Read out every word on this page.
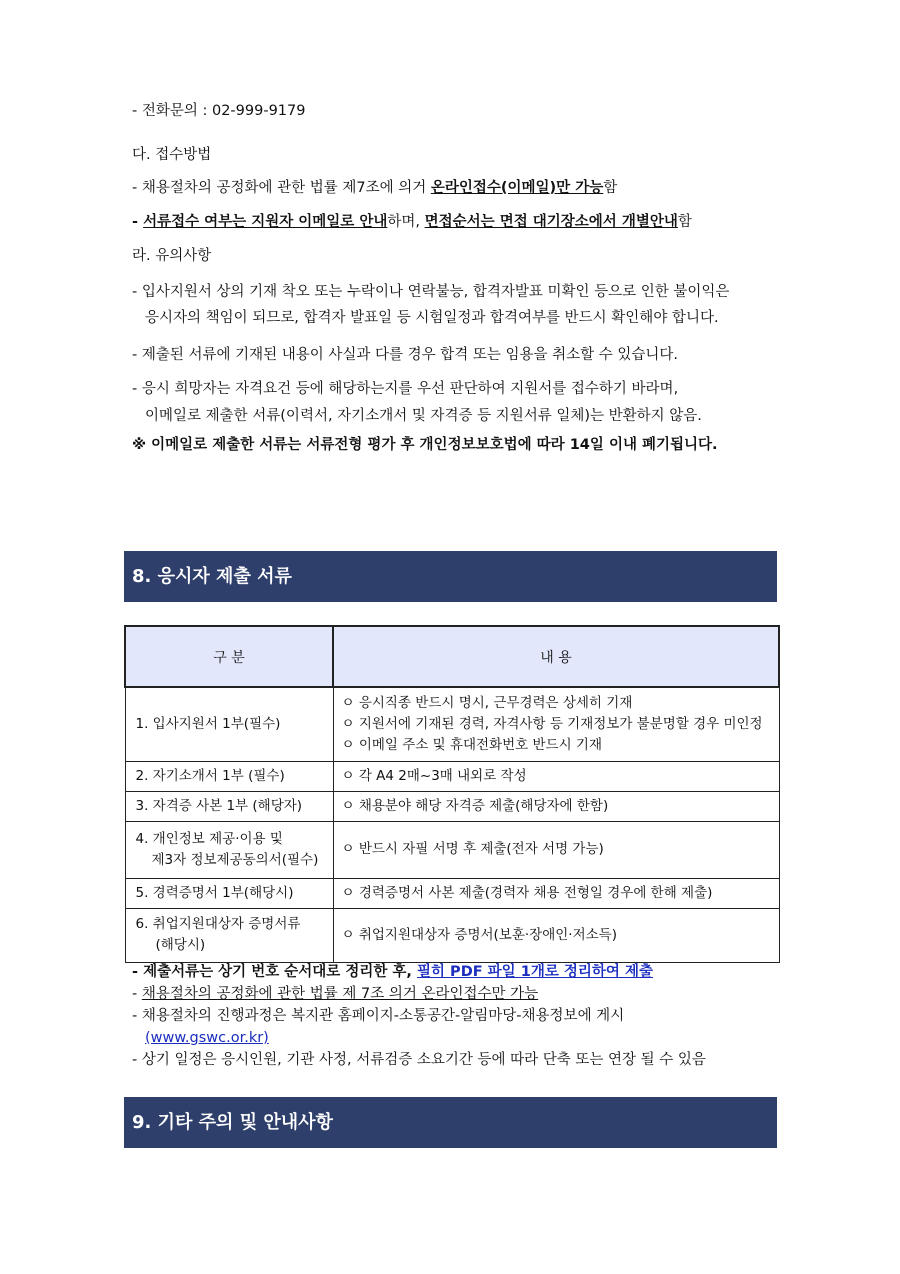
- 전화문의 : 02-999-9179
다. 접수방법
- 채용절차의 공정화에 관한 법률 제7조에 의거 온라인접수(이메일)만 가능함
- 서류접수 여부는 지원자 이메일로 안내하며, 면접순서는 면접 대기장소에서 개별안내함
라. 유의사항
- 입사지원서 상의 기재 착오 또는 누락이나 연락불능, 합격자발표 미확인 등으로 인한 불이익은
응시자의 책임이 되므로, 합격자 발표일 등 시험일정과 합격여부를 반드시 확인해야 합니다.
- 제출된 서류에 기재된 내용이 사실과 다를 경우 합격 또는 임용을 취소할 수 있습니다.
- 응시 희망자는 자격요건 등에 해당하는지를 우선 판단하여 지원서를 접수하기 바라며,
이메일로 제출한 서류(이력서, 자기소개서 및 자격증 등 지원서류 일체)는 반환하지 않음.
※ 이메일로 제출한 서류는 서류전형 평가 후 개인정보보호법에 따라 14일 이내 폐기됩니다.
8. 응시자 제출 서류
구 분	내 용

1. 입사지원서 1부(필수)	ㅇ 응시직종 반드시 명시, 근무경력은 상세히 기재
ㅇ 지원서에 기재된 경력, 자격사항 등 기재정보가 불분명할 경우 미인정
ㅇ 이메일 주소 및 휴대전화번호 반드시 기재

2. 자기소개서 1부 (필수)	ㅇ 각 A4 2매~3매 내외로 작성

3. 자격증 사본 1부 (해당자)	ㅇ 채용분야 해당 자격증 제출(해당자에 한함)

4. 개인정보 제공·이용 및
제3자 정보제공동의서(필수)	ㅇ 반드시 자필 서명 후 제출(전자 서명 가능)

5. 경력증명서 1부(해당시)	ㅇ 경력증명서 사본 제출(경력자 채용 전형일 경우에 한해 제출)

6. 취업지원대상자 증명서류
(해당시)	ㅇ 취업지원대상자 증명서(보훈·장애인·저소득)
- 제출서류는 상기 번호 순서대로 정리한 후, 필히 PDF 파일 1개로 정리하여 제출
- 채용절차의 공정화에 관한 법률 제 7조 의거 온라인접수만 가능
- 채용절차의 진행과정은 복지관 홈페이지-소통공간-알림마당-채용정보에 게시
(www.gswc.or.kr)
- 상기 일정은 응시인원, 기관 사정, 서류검증 소요기간 등에 따라 단축 또는 연장 될 수 있음
9. 기타 주의 및 안내사항
